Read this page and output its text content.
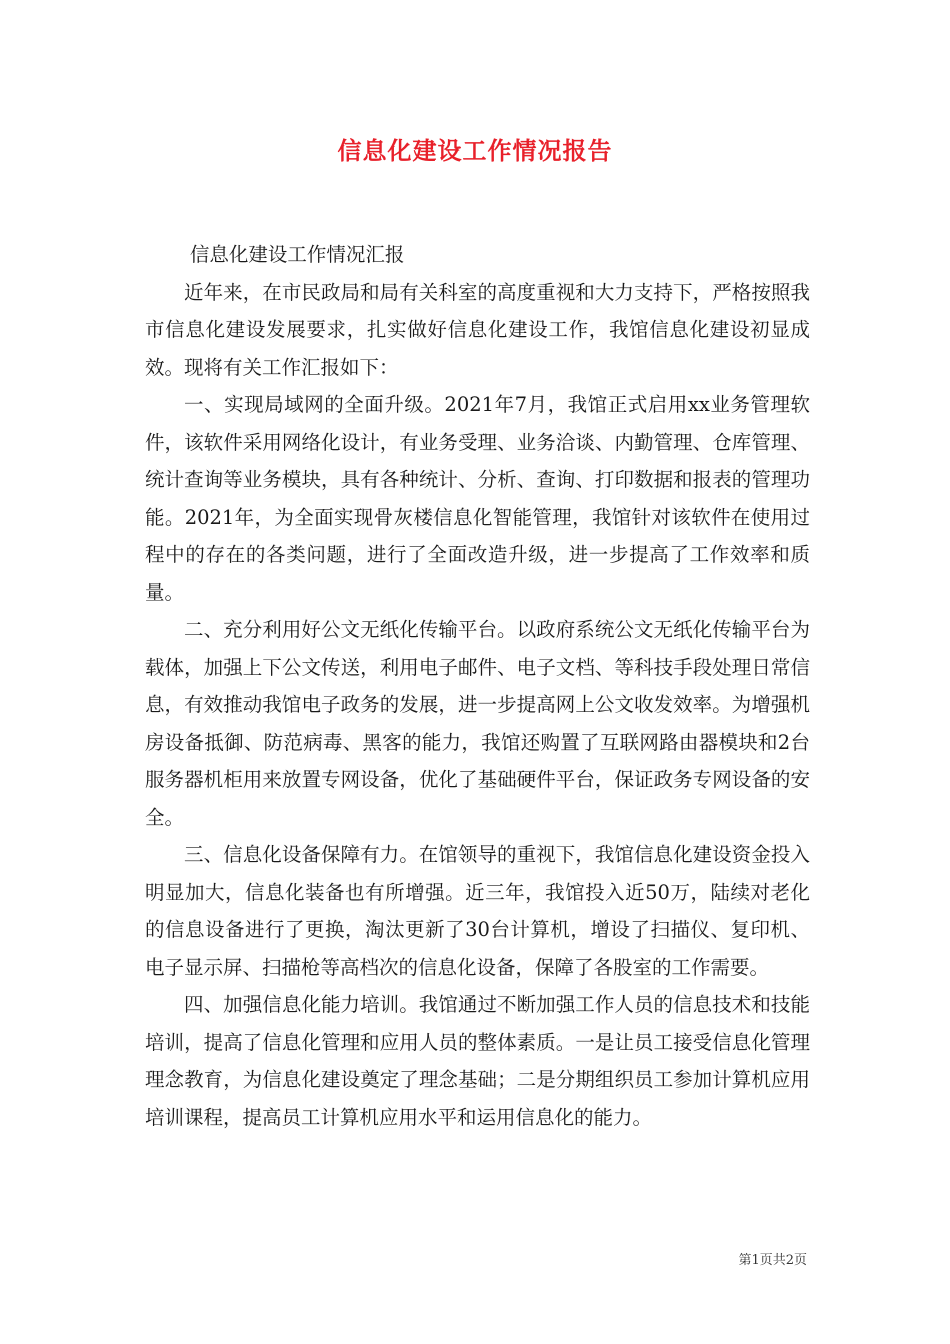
信息化建设工作情况报告

信息化建设工作情况汇报

近年来，在市民政局和局有关科室的高度重视和大力支持下，严格按照我市信息化建设发展要求，扎实做好信息化建设工作，我馆信息化建设初显成效。现将有关工作汇报如下：

一、实现局域网的全面升级。2021年7月，我馆正式启用xx业务管理软件，该软件采用网络化设计，有业务受理、业务洽谈、内勤管理、仓库管理、统计查询等业务模块，具有各种统计、分析、查询、打印数据和报表的管理功能。2021年，为全面实现骨灰楼信息化智能管理，我馆针对该软件在使用过程中的存在的各类问题，进行了全面改造升级，进一步提高了工作效率和质量。

二、充分利用好公文无纸化传输平台。以政府系统公文无纸化传输平台为载体，加强上下公文传送，利用电子邮件、电子文档、等科技手段处理日常信息，有效推动我馆电子政务的发展，进一步提高网上公文收发效率。为增强机房设备抵御、防范病毒、黑客的能力，我馆还购置了互联网路由器模块和2台服务器机柜用来放置专网设备，优化了基础硬件平台，保证政务专网设备的安全。

三、信息化设备保障有力。在馆领导的重视下，我馆信息化建设资金投入明显加大，信息化装备也有所增强。近三年，我馆投入近50万，陆续对老化的信息设备进行了更换，淘汰更新了30台计算机，增设了扫描仪、复印机、电子显示屏、扫描枪等高档次的信息化设备，保障了各股室的工作需要。

四、加强信息化能力培训。我馆通过不断加强工作人员的信息技术和技能培训，提高了信息化管理和应用人员的整体素质。一是让员工接受信息化管理理念教育，为信息化建设奠定了理念基础；二是分期组织员工参加计算机应用培训课程，提高员工计算机应用水平和运用信息化的能力。

第1页共2页
